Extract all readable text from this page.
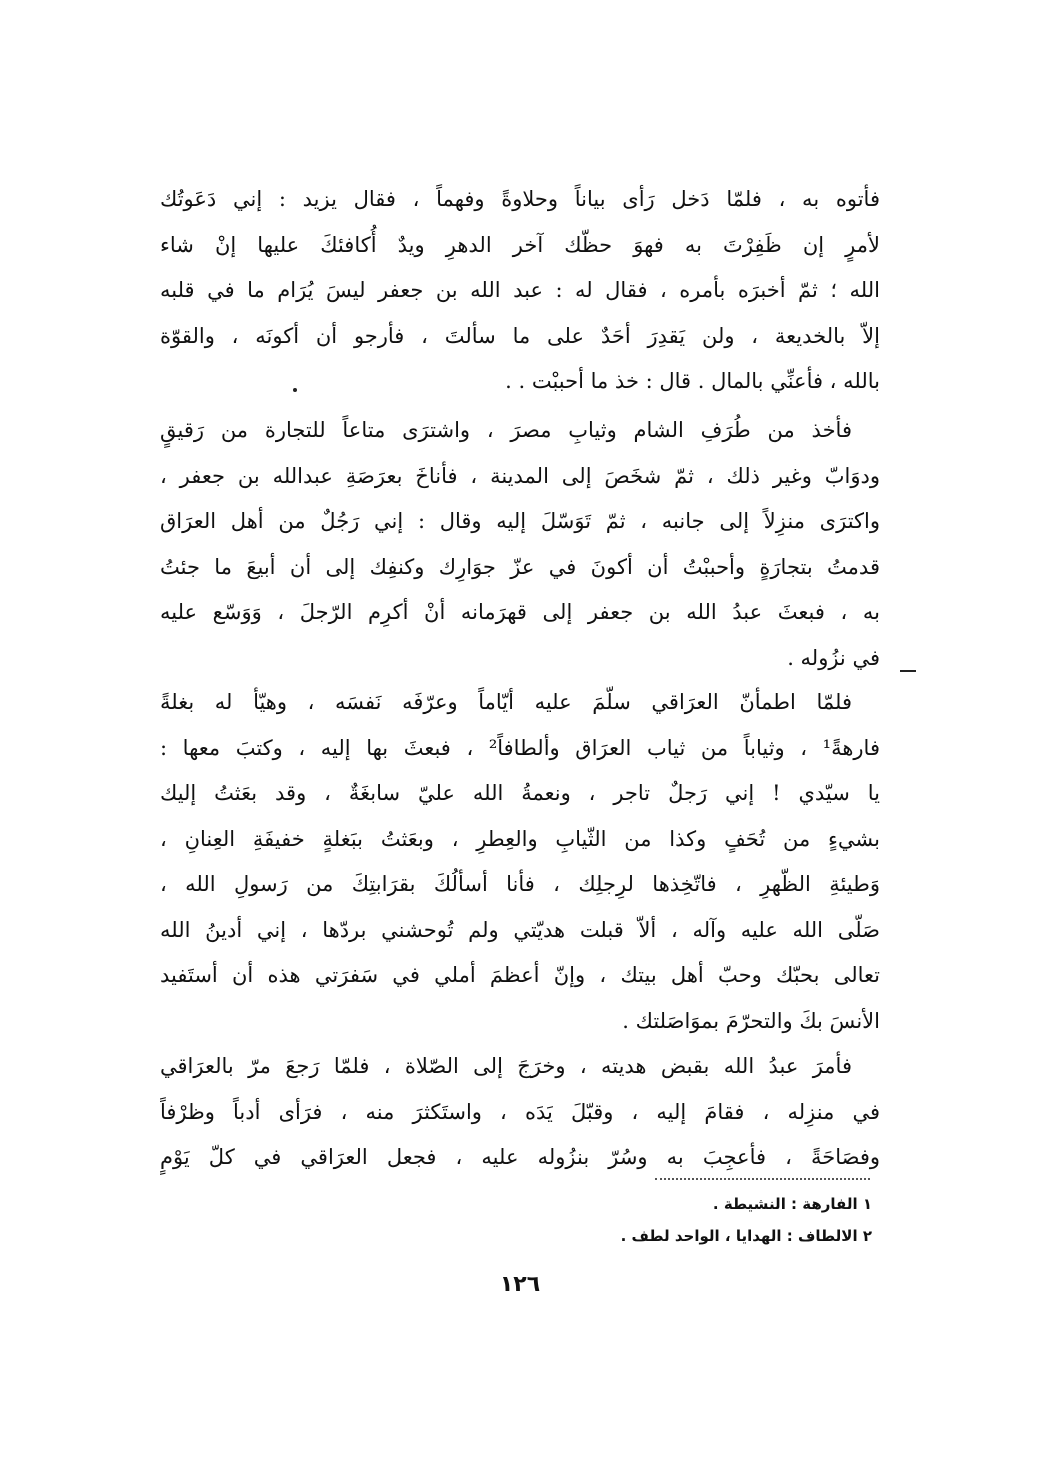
فأتوه به ، فلمّا دَخل رَأى بياناً وحلاوةً وفهماً ، فقال يزيد : إني دَعَوتُك
لأمرٍ إن ظَفِرْتَ به فهوَ حظّك آخر الدهرِ ويدٌ أُكافئكَ عليها إنْ شاء
الله ؛ ثمّ أخبرَه بأمره ، فقال له : عبد الله بن جعفر ليسَ يُرَام ما في قلبه
إلاّ بالخديعة ، ولن يَقدِرَ أحَدٌ على ما سألتَ ، فأرجو أن أكونَه ، والقوّة
بالله ، فأعنِّي بالمال . قال : خذ ما أحببْت . .
فأخذ من طُرَفِ الشام وثيابِ مصرَ ، واشترَى متاعاً للتجارة من رَقيقٍ
ودوَابّ وغير ذلك ، ثمّ شخَصَ إلى المدينة ، فأناخَ بعرَصَةِ عبدالله بن جعفر ،
واكترَى منزِلاً إلى جانبه ، ثمّ تَوَسّلَ إليه وقال : إني رَجُلٌ من أهل العرَاق
قدمتُ بتجارَةٍ وأحببْتُ أن أكونَ في عزّ جوَارِك وكنفِك إلى أن أبيعَ ما جئتُ
به ، فبعثَ عبدُ الله بن جعفر إلى قهرَمانه أنْ أكرِم الرّجلَ ، وَوَسّع عليه
في نزُوله .
فلمّا اطمأنّ العرَاقي سلّمَ عليه أيّاماً وعرّفَه نَفسَه ، وهيّأ له بغلةً
فارهةً¹ ، وثياباً من ثياب العرَاق وألطافاً² ، فبعثَ بها إليه ، وكتبَ معها :
يا سيّدي ! إني رَجلٌ تاجر ، ونعمةُ الله عليّ سابغَةٌ ، وقد بعَثتُ إليك
بشيءٍ من تُحَفٍ وكذا من الثّيابِ والعِطرِ ، وبعَثتُ ببَغلةٍ خفيفَةِ العِنانِ ،
وَطيئةِ الظّهرِ ، فاتّخِذها لرِجلِك ، فأنا أسألُكَ بقرَابتِكَ من رَسولِ الله ،
صَلّى الله عليه وآله ، ألاّ قبلت هديّتي ولم تُوحشني بردّها ، إني أدينُ الله
تعالى بحبّك وحبّ أهل بيتك ، وإنّ أعظمَ أملي في سَفرَتي هذه أن أستَفيد
الأنسَ بكَ والتحرّمَ بموَاصَلتك .
فأمرَ عبدُ الله بقبض هديته ، وخرَجَ إلى الصّلاة ، فلمّا رَجعَ مرّ بالعرَاقي
في منزِله ، فقامَ إليه ، وقبّلَ يَدَه ، واستَكثرَ منه ، فرَأى أدباً وظرْفاً
وفصَاحَةً ، فأعجِبَ به وسُرّ بنزُوله عليه ، فجعل العرَاقي في كلّ يَوْمٍ
١ الفارهة : النشيطة .
٢ الالطاف : الهدايا ، الواحد لطف .
١٢٦
